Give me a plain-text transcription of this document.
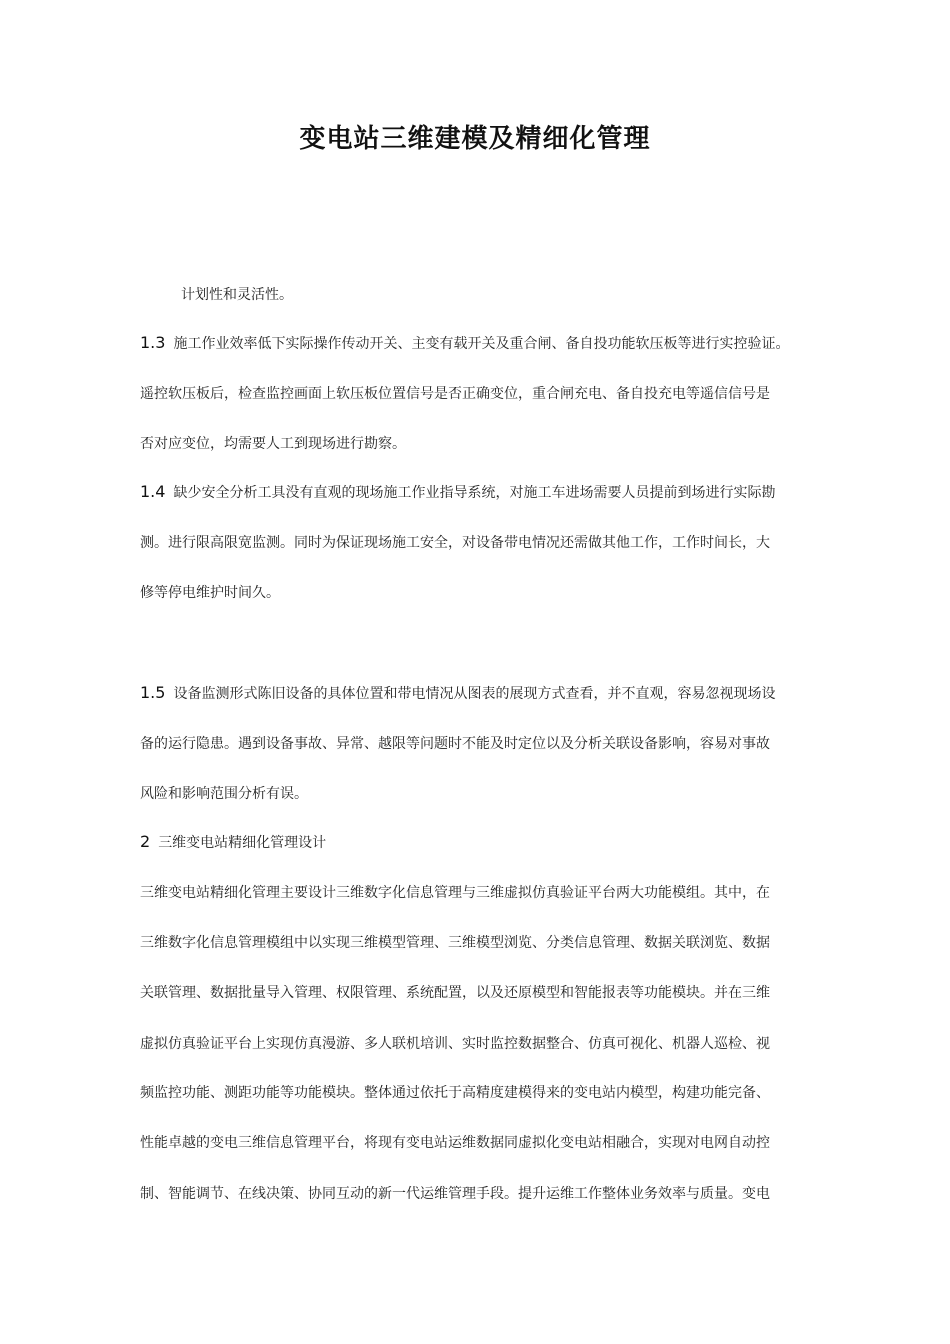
变电站三维建模及精细化管理
计划性和灵活性。
1.3 施工作业效率低下实际操作传动开关、主变有载开关及重合闸、备自投功能软压板等进行实控验证。
遥控软压板后，检查监控画面上软压板位置信号是否正确变位，重合闸充电、备自投充电等遥信信号是
否对应变位，均需要人工到现场进行勘察。
1.4 缺少安全分析工具没有直观的现场施工作业指导系统，对施工车进场需要人员提前到场进行实际勘
测。进行限高限宽监测。同时为保证现场施工安全，对设备带电情况还需做其他工作，工作时间长，大
修等停电维护时间久。
1.5 设备监测形式陈旧设备的具体位置和带电情况从图表的展现方式查看，并不直观，容易忽视现场设
备的运行隐患。遇到设备事故、异常、越限等问题时不能及时定位以及分析关联设备影响，容易对事故
风险和影响范围分析有误。
2 三维变电站精细化管理设计
三维变电站精细化管理主要设计三维数字化信息管理与三维虚拟仿真验证平台两大功能模组。其中，在
三维数字化信息管理模组中以实现三维模型管理、三维模型浏览、分类信息管理、数据关联浏览、数据
关联管理、数据批量导入管理、权限管理、系统配置，以及还原模型和智能报表等功能模块。并在三维
虚拟仿真验证平台上实现仿真漫游、多人联机培训、实时监控数据整合、仿真可视化、机器人巡检、视
频监控功能、测距功能等功能模块。整体通过依托于高精度建模得来的变电站内模型，构建功能完备、
性能卓越的变电三维信息管理平台，将现有变电站运维数据同虚拟化变电站相融合，实现对电网自动控
制、智能调节、在线决策、协同互动的新一代运维管理手段。提升运维工作整体业务效率与质量。变电
